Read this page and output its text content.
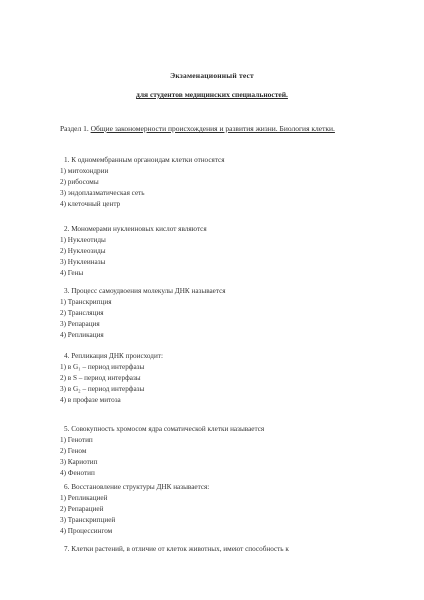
Экзаменационный тест
для студентов медицинских специальностей.
Раздел 1. Общие закономерности происхождения и развития жизни. Биология клетки.
1. К одномембранным органоидам клетки относятся
1) митохондрии
2) рибосомы
3) эндоплазматическая сеть
4) клеточный центр
2. Мономерами нуклеиновых кислот являются
1) Нуклеотиды
2) Нуклеозиды
3) Нуклеиназы
4) Гены
3. Процесс самоудвоения молекулы ДНК называется
1) Транскрипция
2) Трансляция
3) Репарация
4) Репликация
4. Репликация ДНК происходит:
1) в G₁ – период интерфазы
2) в S – период интерфазы
3) в G₂ – период интерфазы
4) в профазе митоза
5. Совокупность хромосом ядра соматической клетки называется
1) Генотип
2) Геном
3) Кариотип
4) Фенотип
6. Восстановление структуры ДНК называется:
1) Репликацией
2) Репарацией
3) Транскрипцией
4) Процессингом
7. Клетки растений, в отличие от клеток животных, имеют способность к
